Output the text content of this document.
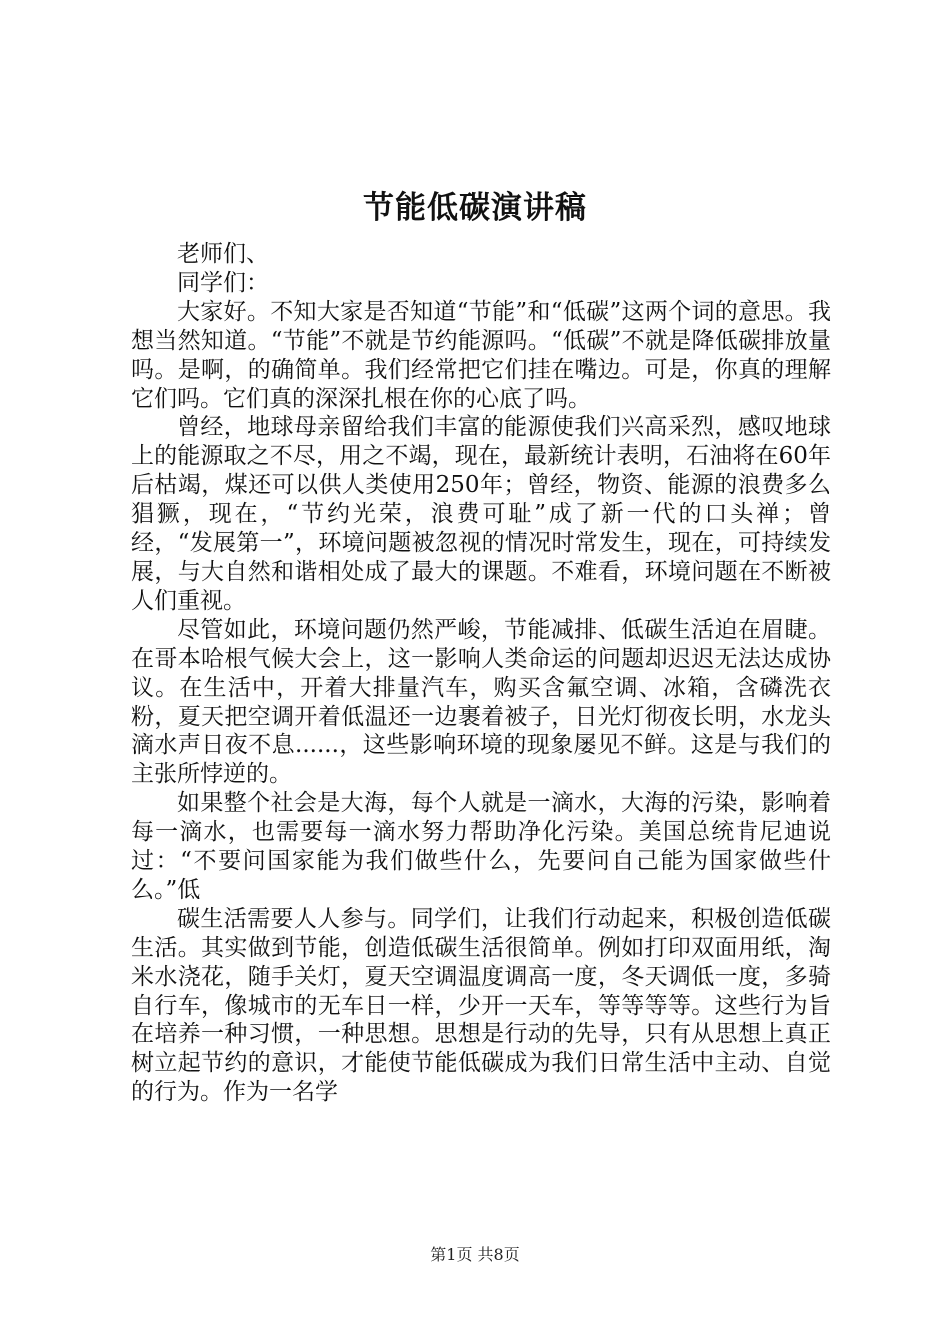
节能低碳演讲稿

老师们、

同学们：

大家好。不知大家是否知道“节能”和“低碳”这两个词的意思。我想当然知道。“节能”不就是节约能源吗。“低碳”不就是降低碳排放量吗。是啊，的确简单。我们经常把它们挂在嘴边。可是，你真的理解它们吗。它们真的深深扎根在你的心底了吗。

曾经，地球母亲留给我们丰富的能源使我们兴高采烈，感叹地球上的能源取之不尽，用之不竭，现在，最新统计表明，石油将在60年后枯竭，煤还可以供人类使用250年；曾经，物资、能源的浪费多么猖獗，现在，“节约光荣，浪费可耻”成了新一代的口头禅；曾经，“发展第一”，环境问题被忽视的情况时常发生，现在，可持续发展，与大自然和谐相处成了最大的课题。不难看，环境问题在不断被人们重视。

尽管如此，环境问题仍然严峻，节能减排、低碳生活迫在眉睫。在哥本哈根气候大会上，这一影响人类命运的问题却迟迟无法达成协议。在生活中，开着大排量汽车，购买含氟空调、冰箱，含磷洗衣粉，夏天把空调开着低温还一边裹着被子，日光灯彻夜长明，水龙头滴水声日夜不息......，这些影响环境的现象屡见不鲜。这是与我们的主张所悖逆的。

如果整个社会是大海，每个人就是一滴水，大海的污染，影响着每一滴水，也需要每一滴水努力帮助净化污染。美国总统肯尼迪说过：“不要问国家能为我们做些什么，先要问自己能为国家做些什么。”低

碳生活需要人人参与。同学们，让我们行动起来，积极创造低碳生活。其实做到节能，创造低碳生活很简单。例如打印双面用纸，淘米水浇花，随手关灯，夏天空调温度调高一度，冬天调低一度，多骑自行车，像城市的无车日一样，少开一天车，等等等等。这些行为旨在培养一种习惯，一种思想。思想是行动的先导，只有从思想上真正树立起节约的意识，才能使节能低碳成为我们日常生活中主动、自觉的行为。作为一名学

第1页 共8页
